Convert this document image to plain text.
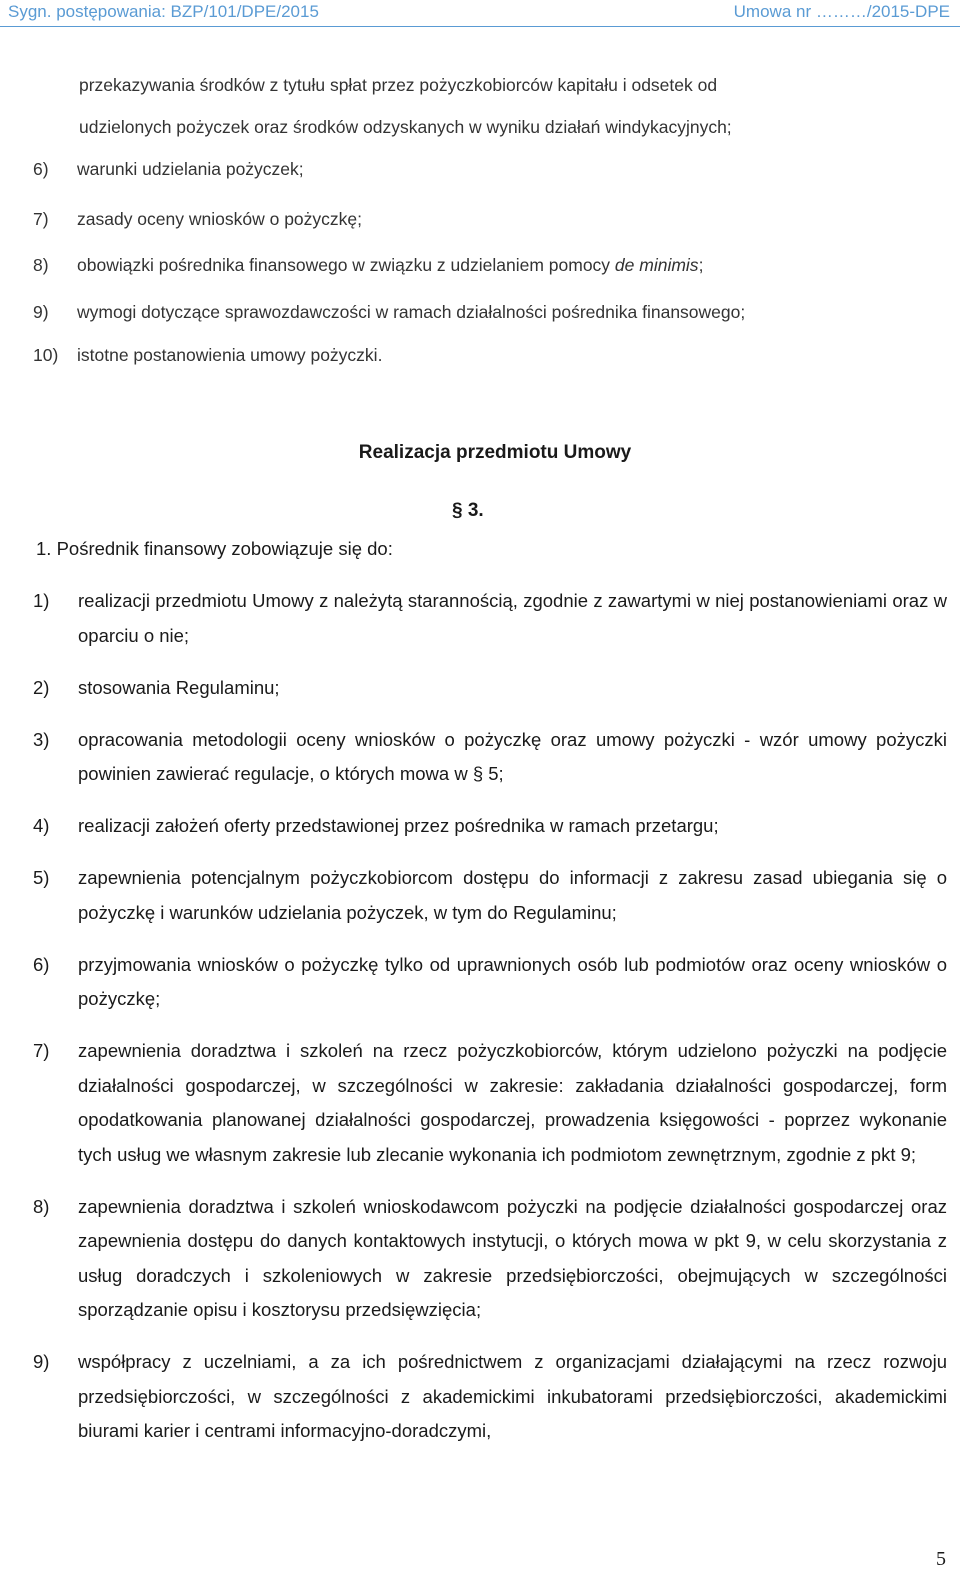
Sygn. postępowania: BZP/101/DPE/2015	Umowa nr ………/2015-DPE
przekazywania środków z tytułu spłat przez pożyczkobiorców kapitału i odsetek od
udzielonych pożyczek oraz środków odzyskanych w wyniku działań windykacyjnych;
6) warunki udzielania pożyczek;
7) zasady oceny wniosków o pożyczkę;
8) obowiązki pośrednika finansowego w związku z udzielaniem pomocy de minimis;
9) wymogi dotyczące sprawozdawczości w ramach działalności pośrednika finansowego;
10) istotne postanowienia umowy pożyczki.
Realizacja przedmiotu Umowy
§ 3.
1. Pośrednik finansowy zobowiązuje się do:
1)	realizacji przedmiotu Umowy z należytą starannością, zgodnie z zawartymi w niej postanowieniami oraz w oparciu o nie;
2)	stosowania Regulaminu;
3)	opracowania metodologii oceny wniosków o pożyczkę oraz umowy pożyczki - wzór umowy pożyczki powinien zawierać regulacje, o których mowa w § 5;
4)	realizacji założeń oferty przedstawionej przez pośrednika w ramach przetargu;
5)	zapewnienia potencjalnym pożyczkobiorcom dostępu do informacji z zakresu zasad ubiegania się o pożyczkę i warunków udzielania pożyczek, w tym do Regulaminu;
6)	przyjmowania wniosków o pożyczkę tylko od uprawnionych osób lub podmiotów oraz oceny wniosków o pożyczkę;
7)	zapewnienia doradztwa i szkoleń na rzecz pożyczkobiorców, którym udzielono pożyczki na podjęcie działalności gospodarczej, w szczególności w zakresie: zakładania działalności gospodarczej, form opodatkowania planowanej działalności gospodarczej, prowadzenia księgowości - poprzez wykonanie tych usług we własnym zakresie lub zlecanie wykonania ich podmiotom zewnętrznym, zgodnie z pkt 9;
8)	zapewnienia doradztwa i szkoleń wnioskodawcom pożyczki na podjęcie działalności gospodarczej oraz zapewnienia dostępu do danych kontaktowych instytucji, o których mowa w pkt 9, w celu skorzystania z usług doradczych i szkoleniowych w zakresie przedsiębiorczości, obejmujących w szczególności sporządzanie opisu i kosztorysu przedsięwzięcia;
9)	współpracy z uczelniami, a za ich pośrednictwem z organizacjami działającymi na rzecz rozwoju przedsiębiorczości, w szczególności z akademickimi inkubatorami przedsiębiorczości, akademickimi biurami karier i centrami informacyjno-doradczymi,
5
